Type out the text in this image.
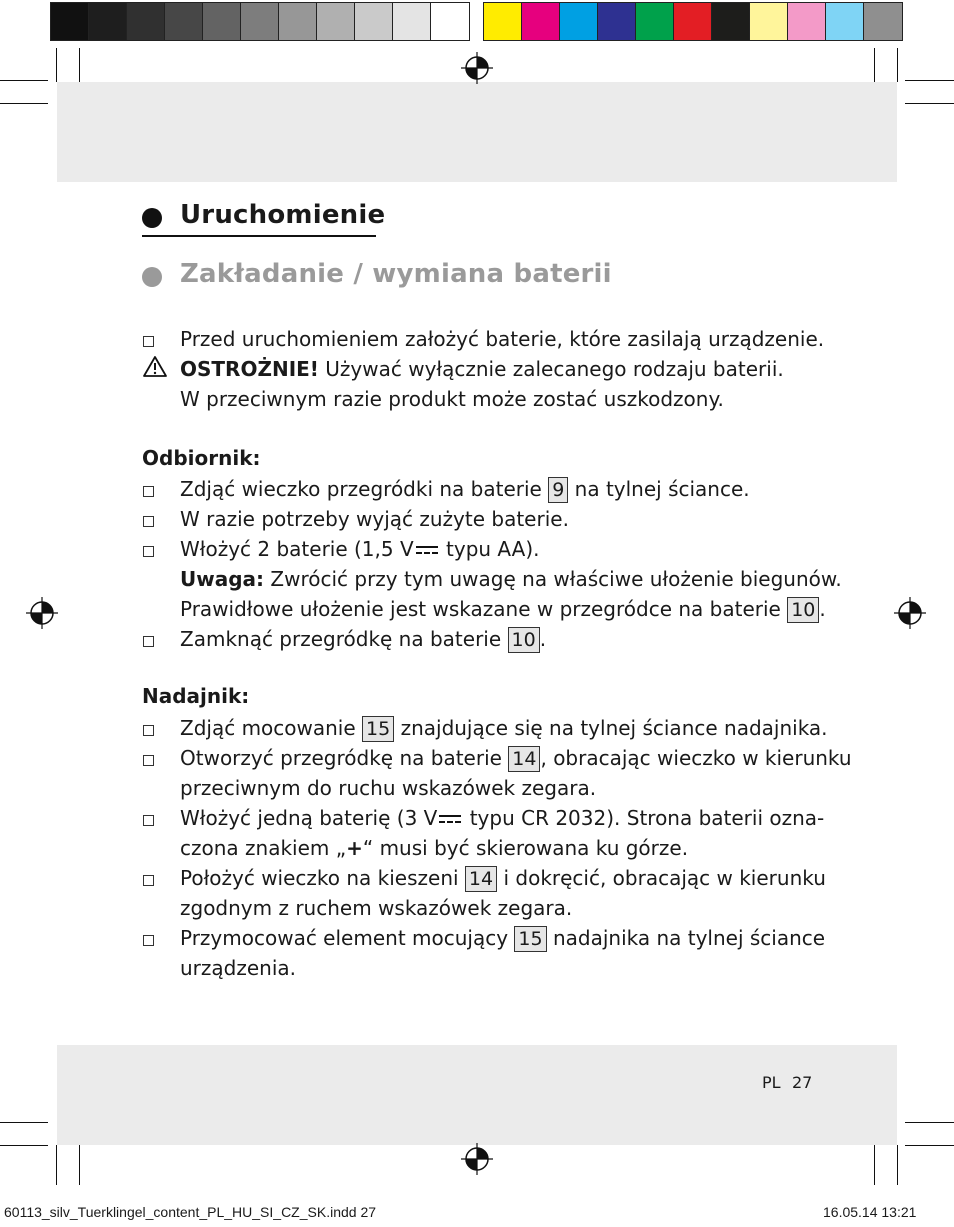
Uruchomienie
Zakładanie / wymiana baterii
Przed uruchomieniem założyć baterie, które zasilają urządzenie.
OSTROŻNIE! Używać wyłącznie zalecanego rodzaju baterii.
W przeciwnym razie produkt może zostać uszkodzony.
Odbiornik:
Zdjąć wieczko przegródki na baterie 9 na tylnej ściance.
W razie potrzeby wyjąć zużyte baterie.
Włożyć 2 baterie (1,5 V typu AA).
Uwaga: Zwrócić przy tym uwagę na właściwe ułożenie biegunów.
Prawidłowe ułożenie jest wskazane w przegródce na baterie 10 .
Zamknąć przegródkę na baterie 10 .
Nadajnik:
Zdjąć mocowanie 15 znajdujące się na tylnej ściance nadajnika.
Otworzyć przegródkę na baterie 14 , obracając wieczko w kierunku
przeciwnym do ruchu wskazówek zegara.
Włożyć jedną baterię (3 V typu CR 2032). Strona baterii ozna-
czona znakiem „+“ musi być skierowana ku górze.
Położyć wieczko na kieszeni 14 i dokręcić, obracając w kierunku
zgodnym z ruchem wskazówek zegara.
Przymocować element mocujący 15 nadajnika na tylnej ściance
urządzenia.
PL 27
60113_silv_Tuerklingel_content_PL_HU_SI_CZ_SK.indd 27	16.05.14 13:21
